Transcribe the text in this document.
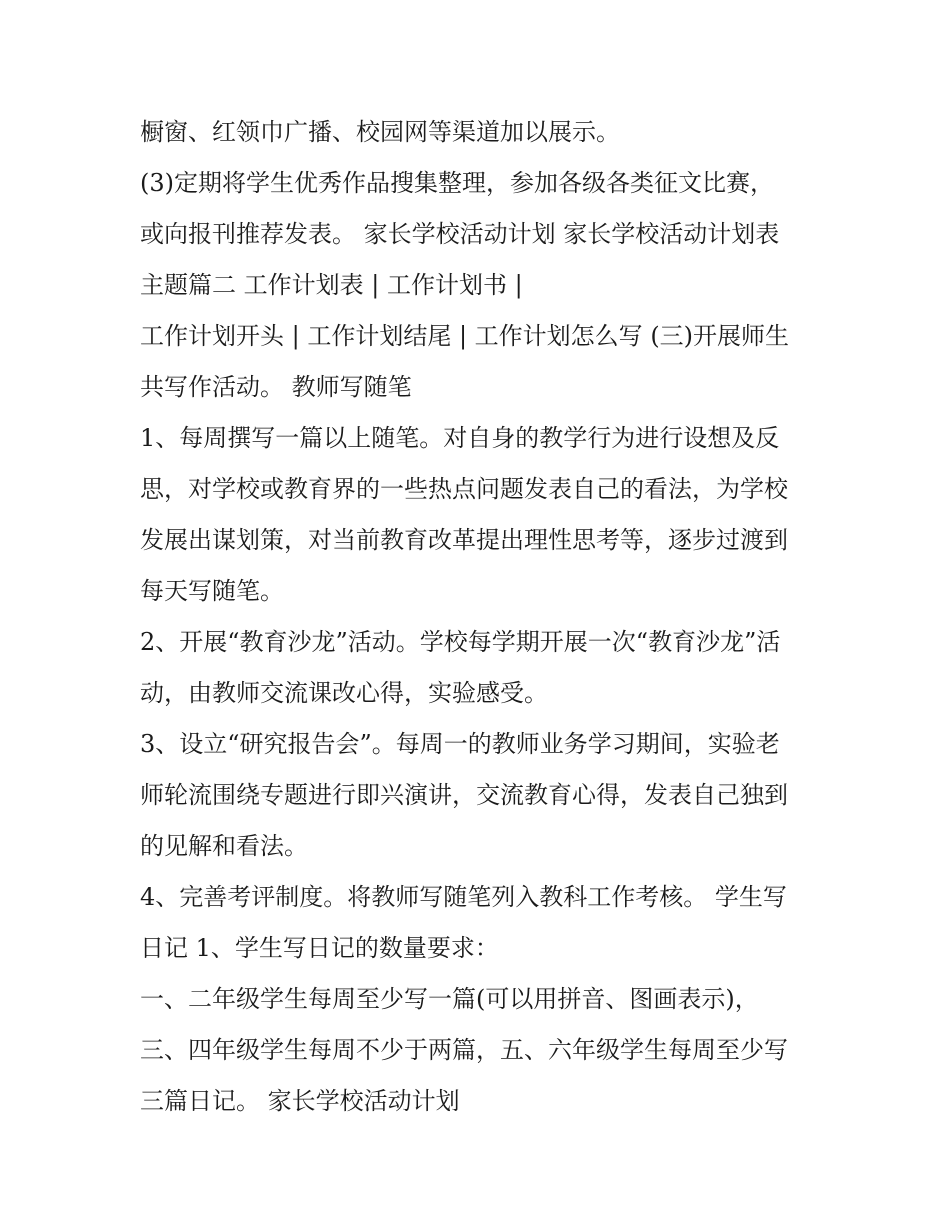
橱窗、红领巾广播、校园网等渠道加以展示。
(3)定期将学生优秀作品搜集整理，参加各级各类征文比赛，
或向报刊推荐发表。 家长学校活动计划 家长学校活动计划表
主题篇二 工作计划表 | 工作计划书 |
工作计划开头 | 工作计划结尾 | 工作计划怎么写 (三)开展师生
共写作活动。 教师写随笔
1、每周撰写一篇以上随笔。对自身的教学行为进行设想及反
思，对学校或教育界的一些热点问题发表自己的看法，为学校
发展出谋划策，对当前教育改革提出理性思考等，逐步过渡到
每天写随笔。
2、开展“教育沙龙”活动。学校每学期开展一次“教育沙龙”活
动，由教师交流课改心得，实验感受。
3、设立“研究报告会”。每周一的教师业务学习期间，实验老
师轮流围绕专题进行即兴演讲，交流教育心得，发表自己独到
的见解和看法。
4、完善考评制度。将教师写随笔列入教科工作考核。 学生写
日记 1、学生写日记的数量要求：
一、二年级学生每周至少写一篇(可以用拼音、图画表示)，
三、四年级学生每周不少于两篇，五、六年级学生每周至少写
三篇日记。 家长学校活动计划
